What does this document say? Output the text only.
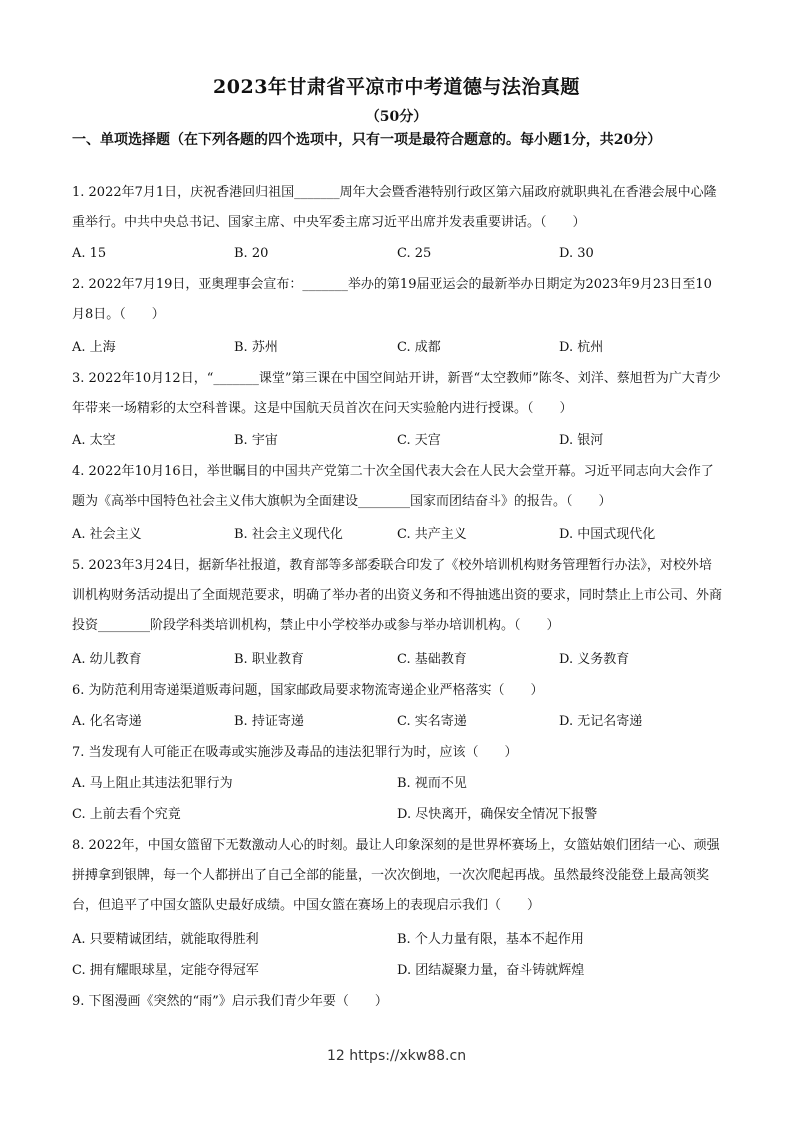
2023年甘肃省平凉市中考道德与法治真题
（50分）
一、单项选择题（在下列各题的四个选项中，只有一项是最符合题意的。每小题1分，共20分）
1. 2022年7月1日，庆祝香港回归祖国_______周年大会暨香港特别行政区第六届政府就职典礼在香港会展中心隆重举行。中共中央总书记、国家主席、中央军委主席习近平出席并发表重要讲话。（　　）
A. 15	B. 20	C. 25	D. 30
2. 2022年7月19日，亚奥理事会宣布：_______举办的第19届亚运会的最新举办日期定为2023年9月23日至10月8日。（　　）
A. 上海	B. 苏州	C. 成都	D. 杭州
3. 2022年10月12日，“_______课堂”第三课在中国空间站开讲，新晋“太空教师”陈冬、刘洋、蔡旭哲为广大青少年带来一场精彩的太空科普课。这是中国航天员首次在问天实验舱内进行授课。（　　）
A. 太空	B. 宇宙	C. 天宫	D. 银河
4. 2022年10月16日，举世瞩目的中国共产党第二十次全国代表大会在人民大会堂开幕。习近平同志向大会作了题为《高举中国特色社会主义伟大旗帜为全面建设________国家而团结奋斗》的报告。（　　）
A. 社会主义	B. 社会主义现代化	C. 共产主义	D. 中国式现代化
5. 2023年3月24日，据新华社报道，教育部等多部委联合印发了《校外培训机构财务管理暂行办法》，对校外培训机构财务活动提出了全面规范要求，明确了举办者的出资义务和不得抽逃出资的要求，同时禁止上市公司、外商投资________阶段学科类培训机构，禁止中小学校举办或参与举办培训机构。（　　）
A. 幼儿教育	B. 职业教育	C. 基础教育	D. 义务教育
6. 为防范利用寄递渠道贩毒问题，国家邮政局要求物流寄递企业严格落实（　　）
A. 化名寄递	B. 持证寄递	C. 实名寄递	D. 无记名寄递
7. 当发现有人可能正在吸毒或实施涉及毒品的违法犯罪行为时，应该（　　）
A. 马上阻止其违法犯罪行为	B. 视而不见
C. 上前去看个究竟	D. 尽快离开，确保安全情况下报警
8. 2022年，中国女篮留下无数激动人心的时刻。最让人印象深刻的是世界杯赛场上，女篮姑娘们团结一心、顽强拼搏拿到银牌，每一个人都拼出了自己全部的能量，一次次倒地，一次次爬起再战。虽然最终没能登上最高领奖台，但追平了中国女篮队史最好成绩。中国女篮在赛场上的表现启示我们（　　）
A. 只要精诚团结，就能取得胜利	B. 个人力量有限，基本不起作用
C. 拥有耀眼球星，定能夺得冠军	D. 团结凝聚力量，奋斗铸就辉煌
9. 下图漫画《突然的“雨”》启示我们青少年要（　　）
12 https://xkw88.cn
